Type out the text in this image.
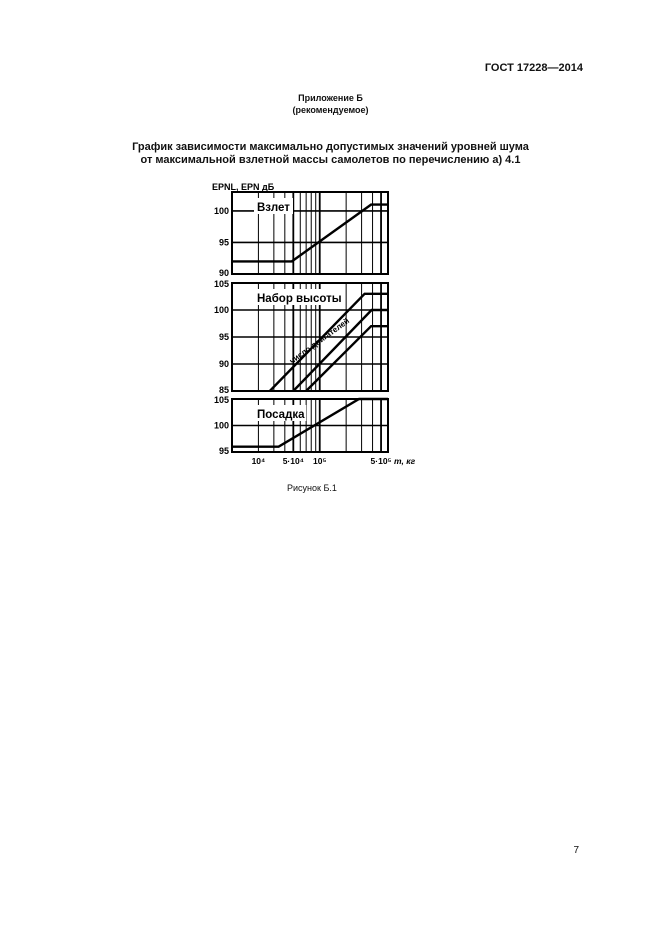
ГОСТ 17228—2014
Приложение Б
(рекомендуемое)
График зависимости максимально допустимых значений уровней шума
от максимальной взлетной массы самолетов по перечислению а) 4.1
EPNL, EPN дБ
90
95
100 Взлет
85
90
95
100
105
Набор высоты
число двигателей
95
100
105
Посадка
10⁴ 5·10⁴ 10⁵	5·10⁵ m, кг
Рисунок Б.1
7
